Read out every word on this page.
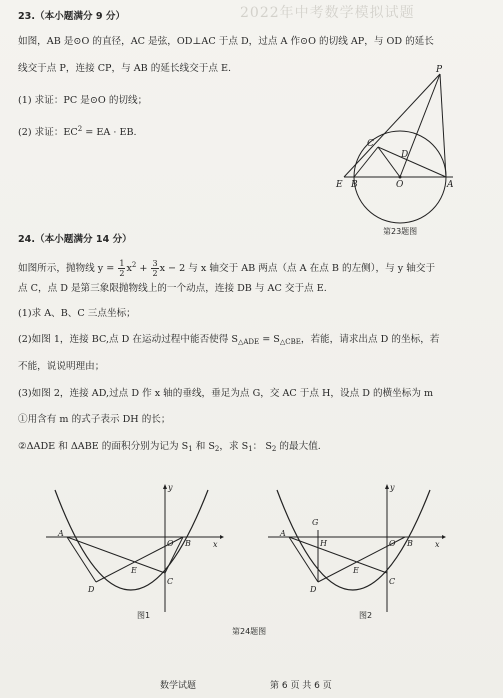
2022年中考数学模拟试题
23.（本小题满分 9 分）
如图，AB 是⊙O 的直径，AC 是弦，OD⊥AC 于点 D，过点 A 作⊙O 的切线 AP，与 OD 的延长
线交于点 P，连接 CP，与 AB 的延长线交于点 E.
(1) 求证：PC 是⊙O 的切线；
(2) 求证：$EC^2$ = EA · EB.
P
C
D
E B	O	A
第23题图
24.（本小题满分 14 分）
如图所示，抛物线 $y = \frac{1}{2} x^2 + \frac{3}{2}$ x − 2 与 x 轴交于 AB 两点（点 A 在点 B 的左侧），与 y 轴交于
点 C，点 D 是第三象限抛物线上的一个动点，连接 DB 与 AC 交于点 E.
(1)求 A、B、C 三点坐标；
(2)如图 1，连接 BC,点 D 在运动过程中能否使得 $S_{\triangle ADE} = S_{\triangle CBE}$，若能，请求出点 D 的坐标，若
不能，说说明理由；
(3)如图 2，连接 AD,过点 D 作 x 轴的垂线，垂足为点 G，交 AC 于点 H，设点 D 的横坐标为 m
①用含有 m 的式子表示 DH 的长；
②ΔADE 和 ΔABE 的面积分别为记为 $S_1$ 和 $S_2$，求 $S_1$： $S_2$ 的最大值.
y
x
A
B
O
C
D
E
图1
y
x
G
A
H	B
O
C
D
E
图2
第24题图
数学试题	第 6 页 共 6 页
